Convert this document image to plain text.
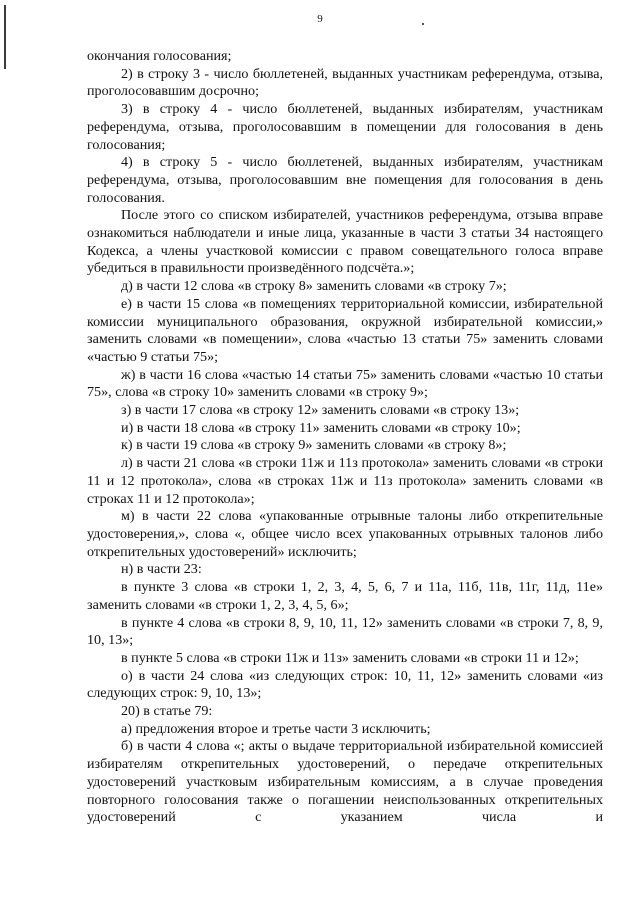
9

окончания голосования;

2) в строку 3 - число бюллетеней, выданных участникам референдума, отзыва, проголосовавшим досрочно;

3) в строку 4 - число бюллетеней, выданных избирателям, участникам референдума, отзыва, проголосовавшим в помещении для голосования в день голосования;

4) в строку 5 - число бюллетеней, выданных избирателям, участникам референдума, отзыва, проголосовавшим вне помещения для голосования в день голосования.

После этого со списком избирателей, участников референдума, отзыва вправе ознакомиться наблюдатели и иные лица, указанные в части 3 статьи 34 настоящего Кодекса, а члены участковой комиссии с правом совещательного голоса вправе убедиться в правильности произведённого подсчёта.»;

д) в части 12 слова «в строку 8» заменить словами «в строку 7»;

е) в части 15 слова «в помещениях территориальной комиссии, избирательной комиссии муниципального образования, окружной избирательной комиссии,» заменить словами «в помещении», слова «частью 13 статьи 75» заменить словами «частью 9 статьи 75»;

ж) в части 16 слова «частью 14 статьи 75» заменить словами «частью 10 статьи 75», слова «в строку 10» заменить словами «в строку 9»;

з) в части 17 слова «в строку 12» заменить словами «в строку 13»;

и) в части 18 слова «в строку 11» заменить словами «в строку 10»;

к) в части 19 слова «в строку 9» заменить словами «в строку 8»;

л) в части 21 слова «в строки 11ж и 11з протокола» заменить словами «в строки 11 и 12 протокола», слова «в строках 11ж и 11з протокола» заменить словами «в строках 11 и 12 протокола»;

м) в части 22 слова «упакованные отрывные талоны либо открепительные удостоверения,», слова «, общее число всех упакованных отрывных талонов либо открепительных удостоверений» исключить;

н) в части 23:

в пункте 3 слова «в строки 1, 2, 3, 4, 5, 6, 7 и 11а, 11б, 11в, 11г, 11д, 11е» заменить словами «в строки 1, 2, 3, 4, 5, 6»;

в пункте 4 слова «в строки 8, 9, 10, 11, 12» заменить словами «в строки 7, 8, 9, 10, 13»;

в пункте 5 слова «в строки 11ж и 11з» заменить словами «в строки 11 и 12»;

о) в части 24 слова «из следующих строк: 10, 11, 12» заменить словами «из следующих строк: 9, 10, 13»;

20) в статье 79:

а) предложения второе и третье части 3 исключить;

б) в части 4 слова «; акты о выдаче территориальной избирательной комиссией избирателям открепительных удостоверений, о передаче открепительных удостоверений участковым избирательным комиссиям, а в случае проведения повторного голосования также о погашении неиспользованных открепительных удостоверений с указанием числа и
